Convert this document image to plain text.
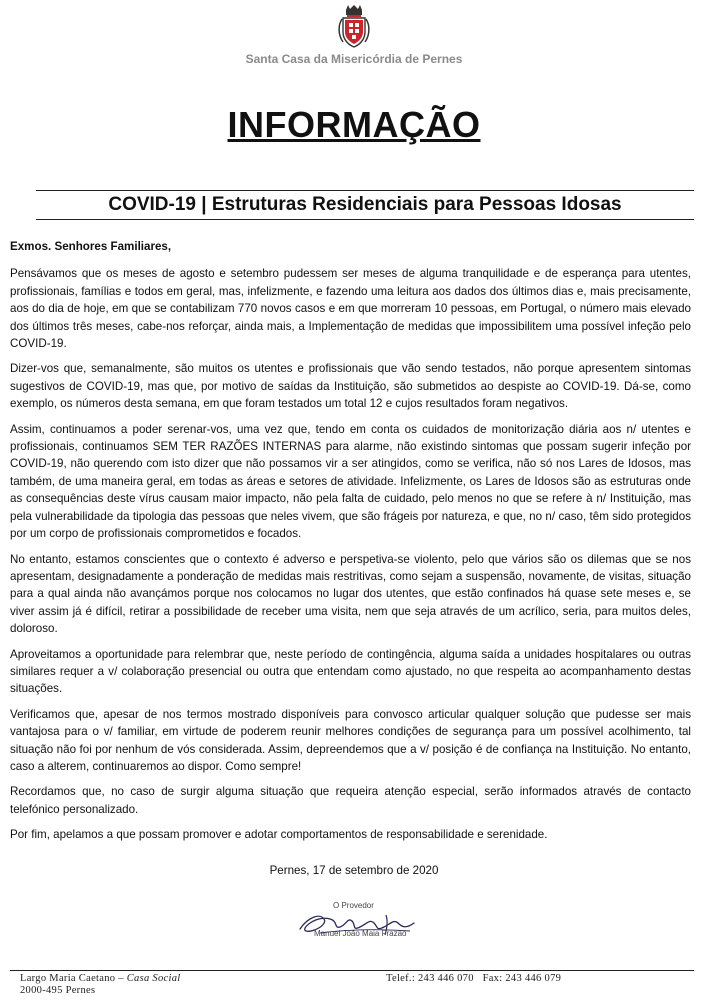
Santa Casa da Misericórdia de Pernes
INFORMAÇÃO
COVID-19 | Estruturas Residenciais para Pessoas Idosas

Exmos. Senhores Familiares,

Pensávamos que os meses de agosto e setembro pudessem ser meses de alguma tranquilidade e de esperança para utentes, profissionais, famílias e todos em geral, mas, infelizmente, e fazendo uma leitura aos dados dos últimos dias e, mais precisamente, aos do dia de hoje, em que se contabilizam 770 novos casos e em que morreram 10 pessoas, em Portugal, o número mais elevado dos últimos três meses, cabe-nos reforçar, ainda mais, a Implementação de medidas que impossibilitem uma possível infeção pelo COVID-19.

Dizer-vos que, semanalmente, são muitos os utentes e profissionais que vão sendo testados, não porque apresentem sintomas sugestivos de COVID-19, mas que, por motivo de saídas da Instituição, são submetidos ao despiste ao COVID-19. Dá-se, como exemplo, os números desta semana, em que foram testados um total 12 e cujos resultados foram negativos.

Assim, continuamos a poder serenar-vos, uma vez que, tendo em conta os cuidados de monitorização diária aos n/ utentes e profissionais, continuamos SEM TER RAZÕES INTERNAS para alarme, não existindo sintomas que possam sugerir infeção por COVID-19, não querendo com isto dizer que não possamos vir a ser atingidos, como se verifica, não só nos Lares de Idosos, mas também, de uma maneira geral, em todas as áreas e setores de atividade. Infelizmente, os Lares de Idosos são as estruturas onde as consequências deste vírus causam maior impacto, não pela falta de cuidado, pelo menos no que se refere à n/ Instituição, mas pela vulnerabilidade da tipologia das pessoas que neles vivem, que são frágeis por natureza, e que, no n/ caso, têm sido protegidos por um corpo de profissionais comprometidos e focados.

No entanto, estamos conscientes que o contexto é adverso e perspetiva-se violento, pelo que vários são os dilemas que se nos apresentam, designadamente a ponderação de medidas mais restritivas, como sejam a suspensão, novamente, de visitas, situação para a qual ainda não avançámos porque nos colocamos no lugar dos utentes, que estão confinados há quase sete meses e, se viver assim já é difícil, retirar a possibilidade de receber uma visita, nem que seja através de um acrílico, seria, para muitos deles, doloroso.

Aproveitamos a oportunidade para relembrar que, neste período de contingência, alguma saída a unidades hospitalares ou outras similares requer a v/ colaboração presencial ou outra que entendam como ajustado, no que respeita ao acompanhamento destas situações.

Verificamos que, apesar de nos termos mostrado disponíveis para convosco articular qualquer solução que pudesse ser mais vantajosa para o v/ familiar, em virtude de poderem reunir melhores condições de segurança para um possível acolhimento, tal situação não foi por nenhum de vós considerada. Assim, depreendemos que a v/ posição é de confiança na Instituição. No entanto, caso a alterem, continuaremos ao dispor. Como sempre!

Recordamos que, no caso de surgir alguma situação que requeira atenção especial, serão informados através de contacto telefónico personalizado.

Por fim, apelamos a que possam promover e adotar comportamentos de responsabilidade e serenidade.

Pernes, 17 de setembro de 2020
O Provedor
Manuel João Maia Frazão
Largo Maria Caetano – Casa Social	Telef.: 243 446 070 Fax: 243 446 079
2000-495 Pernes
